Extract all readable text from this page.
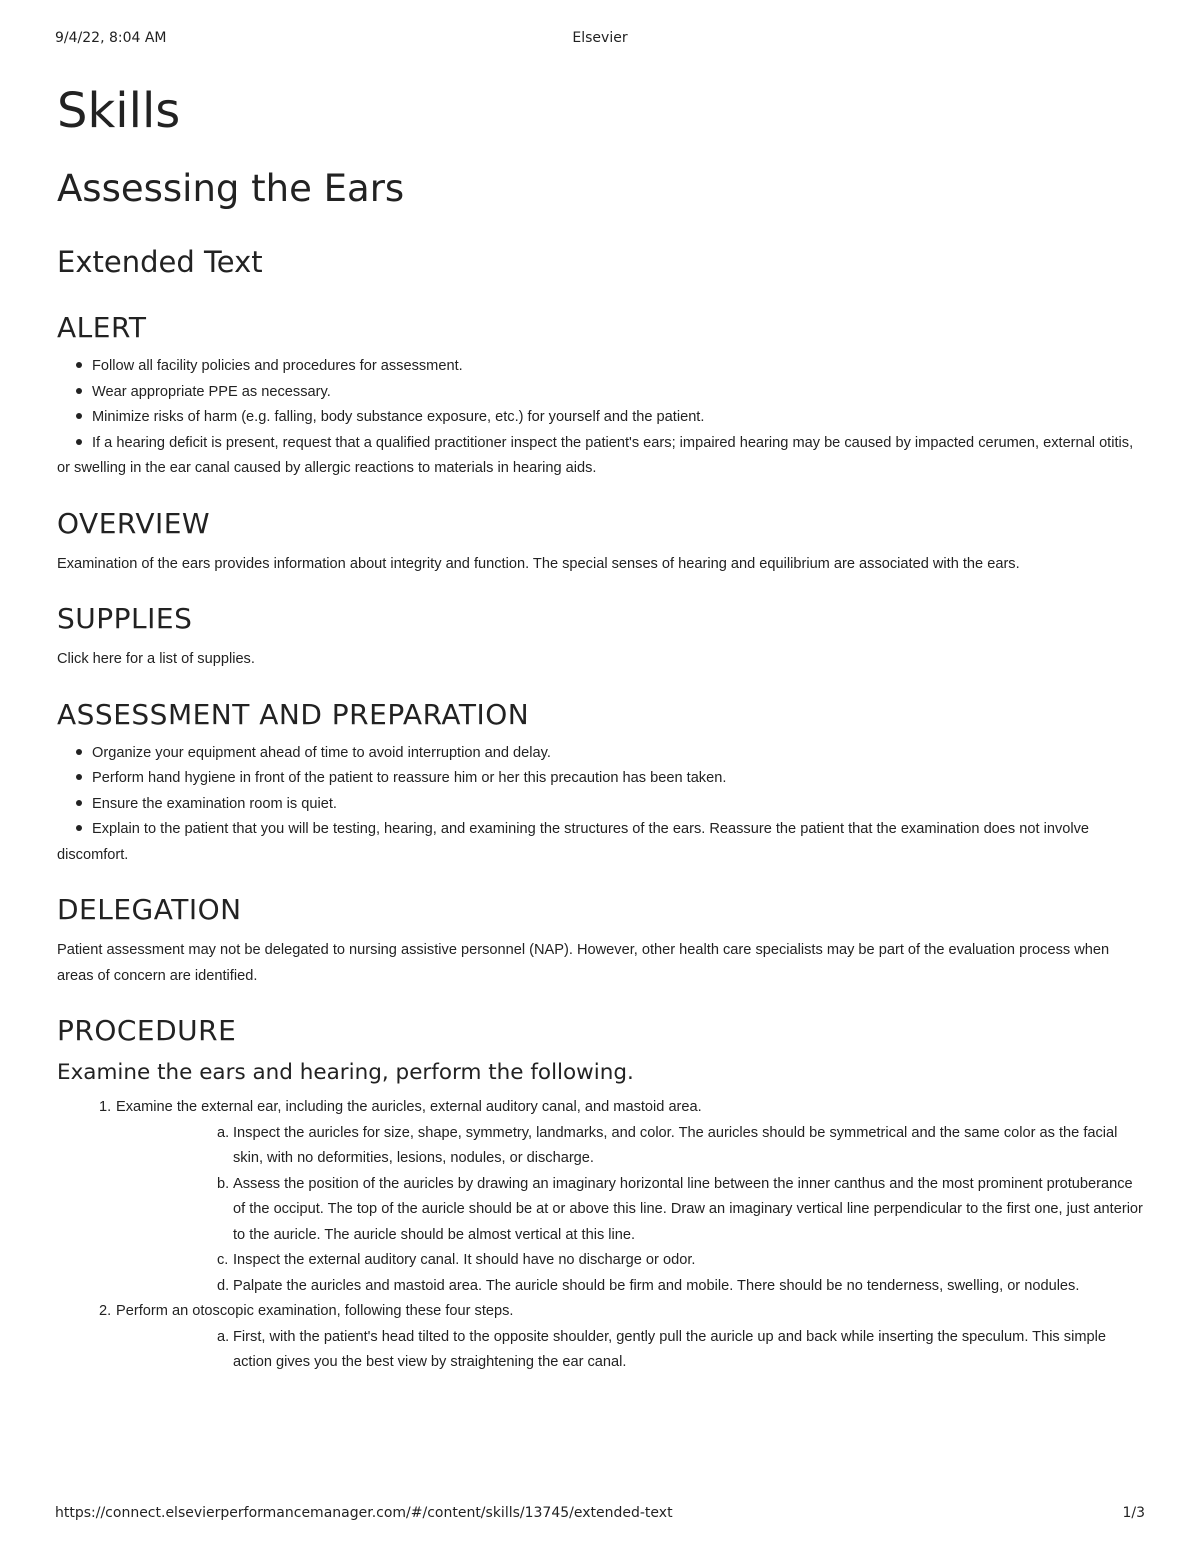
9/4/22, 8:04 AM	Elsevier
Skills
Assessing the Ears
Extended Text
ALERT
Follow all facility policies and procedures for assessment.
Wear appropriate PPE as necessary.
Minimize risks of harm (e.g. falling, body substance exposure, etc.) for yourself and the patient.
If a hearing deficit is present, request that a qualified practitioner inspect the patient's ears; impaired hearing may be caused by impacted cerumen, external otitis, or swelling in the ear canal caused by allergic reactions to materials in hearing aids.
OVERVIEW

Examination of the ears provides information about integrity and function. The special senses of hearing and equilibrium are associated with the ears.

SUPPLIES

Click here for a list of supplies.

ASSESSMENT AND PREPARATION
Organize your equipment ahead of time to avoid interruption and delay.
Perform hand hygiene in front of the patient to reassure him or her this precaution has been taken.
Ensure the examination room is quiet.
Explain to the patient that you will be testing, hearing, and examining the structures of the ears. Reassure the patient that the examination does not involve discomfort.
DELEGATION

Patient assessment may not be delegated to nursing assistive personnel (NAP). However, other health care specialists may be part of the evaluation process when areas of concern are identified.

PROCEDURE
Examine the ears and hearing, perform the following.
1. Examine the external ear, including the auricles, external auditory canal, and mastoid area.
a. Inspect the auricles for size, shape, symmetry, landmarks, and color. The auricles should be symmetrical and the same color as the facial skin, with no deformities, lesions, nodules, or discharge.
b. Assess the position of the auricles by drawing an imaginary horizontal line between the inner canthus and the most prominent protuberance of the occiput. The top of the auricle should be at or above this line. Draw an imaginary vertical line perpendicular to the first one, just anterior to the auricle. The auricle should be almost vertical at this line.
c. Inspect the external auditory canal. It should have no discharge or odor.
d. Palpate the auricles and mastoid area. The auricle should be firm and mobile. There should be no tenderness, swelling, or nodules.
2. Perform an otoscopic examination, following these four steps.
a. First, with the patient's head tilted to the opposite shoulder, gently pull the auricle up and back while inserting the speculum. This simple action gives you the best view by straightening the ear canal.
https://connect.elsevierperformancemanager.com/#/content/skills/13745/extended-text	1/3
